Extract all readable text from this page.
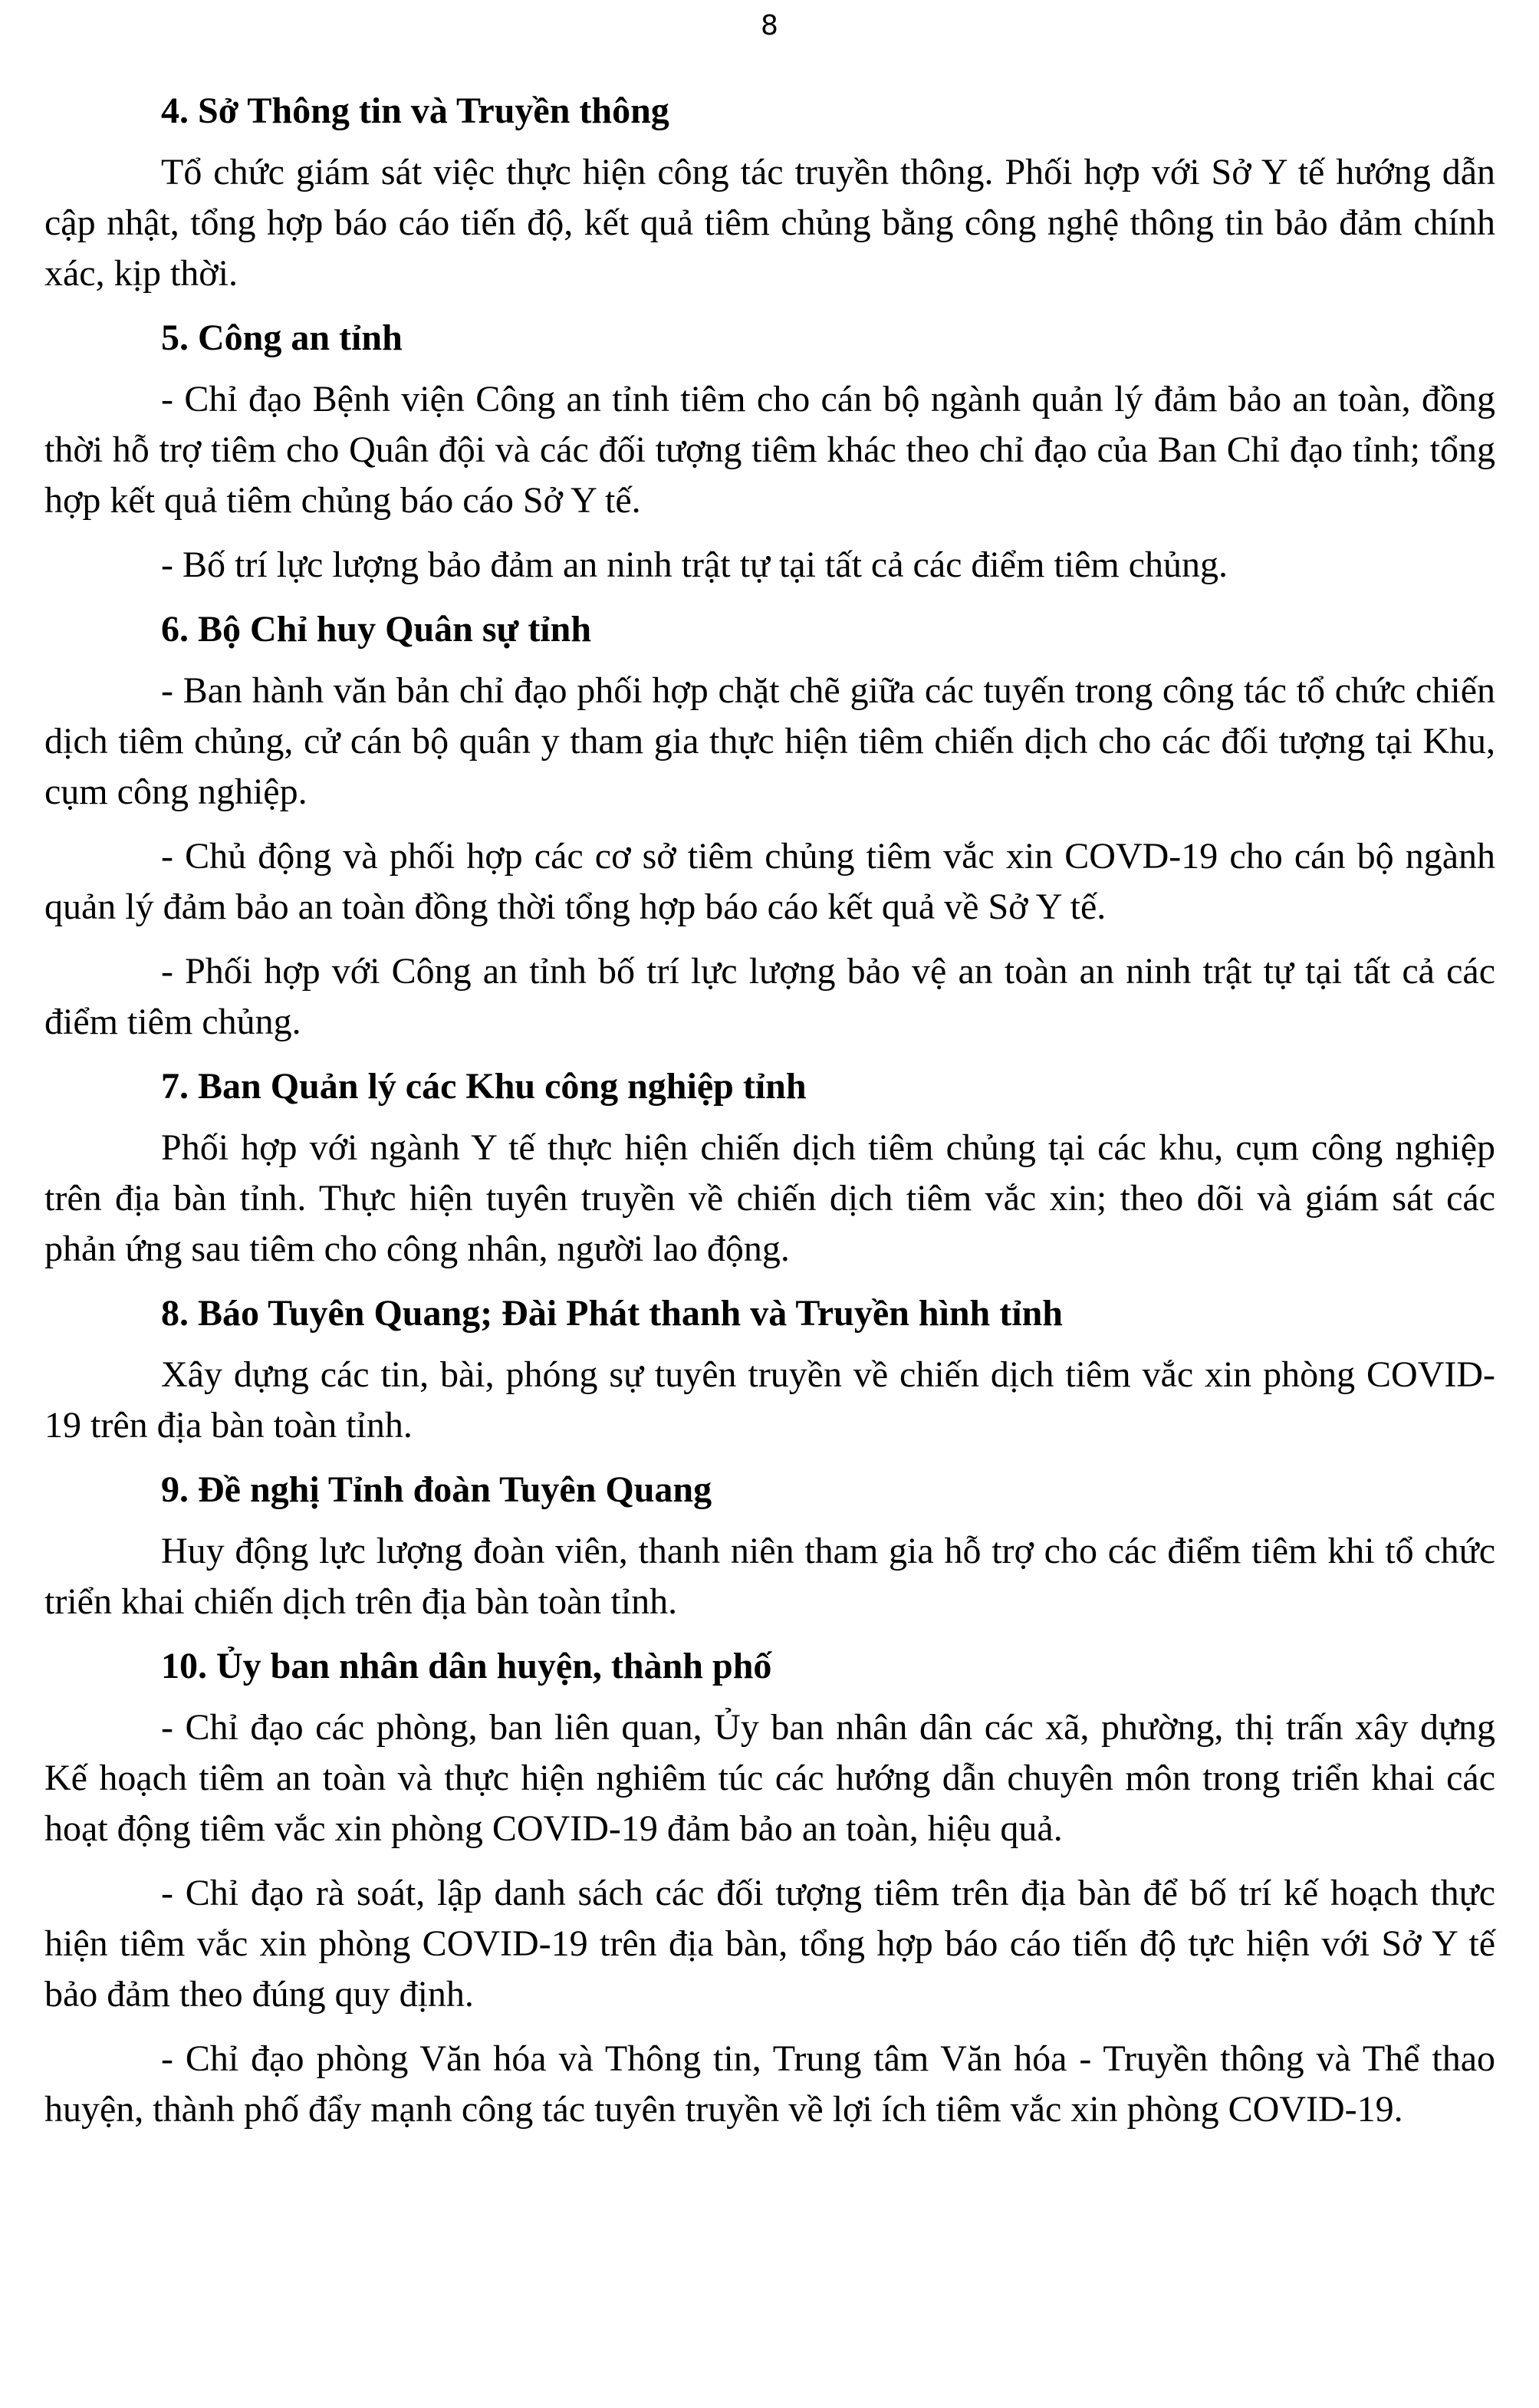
8
4. Sở Thông tin và Truyền thông

Tổ chức giám sát việc thực hiện công tác truyền thông. Phối hợp với Sở Y tế hướng dẫn cập nhật, tổng hợp báo cáo tiến độ, kết quả tiêm chủng bằng công nghệ thông tin bảo đảm chính xác, kịp thời.

5. Công an tỉnh

- Chỉ đạo Bệnh viện Công an tỉnh tiêm cho cán bộ ngành quản lý đảm bảo an toàn, đồng thời hỗ trợ tiêm cho Quân đội và các đối tượng tiêm khác theo chỉ đạo của Ban Chỉ đạo tỉnh; tổng hợp kết quả tiêm chủng báo cáo Sở Y tế.

- Bố trí lực lượng bảo đảm an ninh trật tự tại tất cả các điểm tiêm chủng.

6. Bộ Chỉ huy Quân sự tỉnh

- Ban hành văn bản chỉ đạo phối hợp chặt chẽ giữa các tuyến trong công tác tổ chức chiến dịch tiêm chủng, cử cán bộ quân y tham gia thực hiện tiêm chiến dịch cho các đối tượng tại Khu, cụm công nghiệp.

- Chủ động và phối hợp các cơ sở tiêm chủng tiêm vắc xin COVD-19 cho cán bộ ngành quản lý đảm bảo an toàn đồng thời tổng hợp báo cáo kết quả về Sở Y tế.

- Phối hợp với Công an tỉnh bố trí lực lượng bảo vệ an toàn an ninh trật tự tại tất cả các điểm tiêm chủng.

7. Ban Quản lý các Khu công nghiệp tỉnh

Phối hợp với ngành Y tế thực hiện chiến dịch tiêm chủng tại các khu, cụm công nghiệp trên địa bàn tỉnh. Thực hiện tuyên truyền về chiến dịch tiêm vắc xin; theo dõi và giám sát các phản ứng sau tiêm cho công nhân, người lao động.

8. Báo Tuyên Quang; Đài Phát thanh và Truyền hình tỉnh

Xây dựng các tin, bài, phóng sự tuyên truyền về chiến dịch tiêm vắc xin phòng COVID-19 trên địa bàn toàn tỉnh.

9. Đề nghị Tỉnh đoàn Tuyên Quang

Huy động lực lượng đoàn viên, thanh niên tham gia hỗ trợ cho các điểm tiêm khi tổ chức triển khai chiến dịch trên địa bàn toàn tỉnh.

10. Ủy ban nhân dân huyện, thành phố

- Chỉ đạo các phòng, ban liên quan, Ủy ban nhân dân các xã, phường, thị trấn xây dựng Kế hoạch tiêm an toàn và thực hiện nghiêm túc các hướng dẫn chuyên môn trong triển khai các hoạt động tiêm vắc xin phòng COVID-19 đảm bảo an toàn, hiệu quả.

- Chỉ đạo rà soát, lập danh sách các đối tượng tiêm trên địa bàn để bố trí kế hoạch thực hiện tiêm vắc xin phòng COVID-19 trên địa bàn, tổng hợp báo cáo tiến độ tực hiện với Sở Y tế bảo đảm theo đúng quy định.

- Chỉ đạo phòng Văn hóa và Thông tin, Trung tâm Văn hóa - Truyền thông và Thể thao huyện, thành phố đẩy mạnh công tác tuyên truyền về lợi ích tiêm vắc xin phòng COVID-19.
